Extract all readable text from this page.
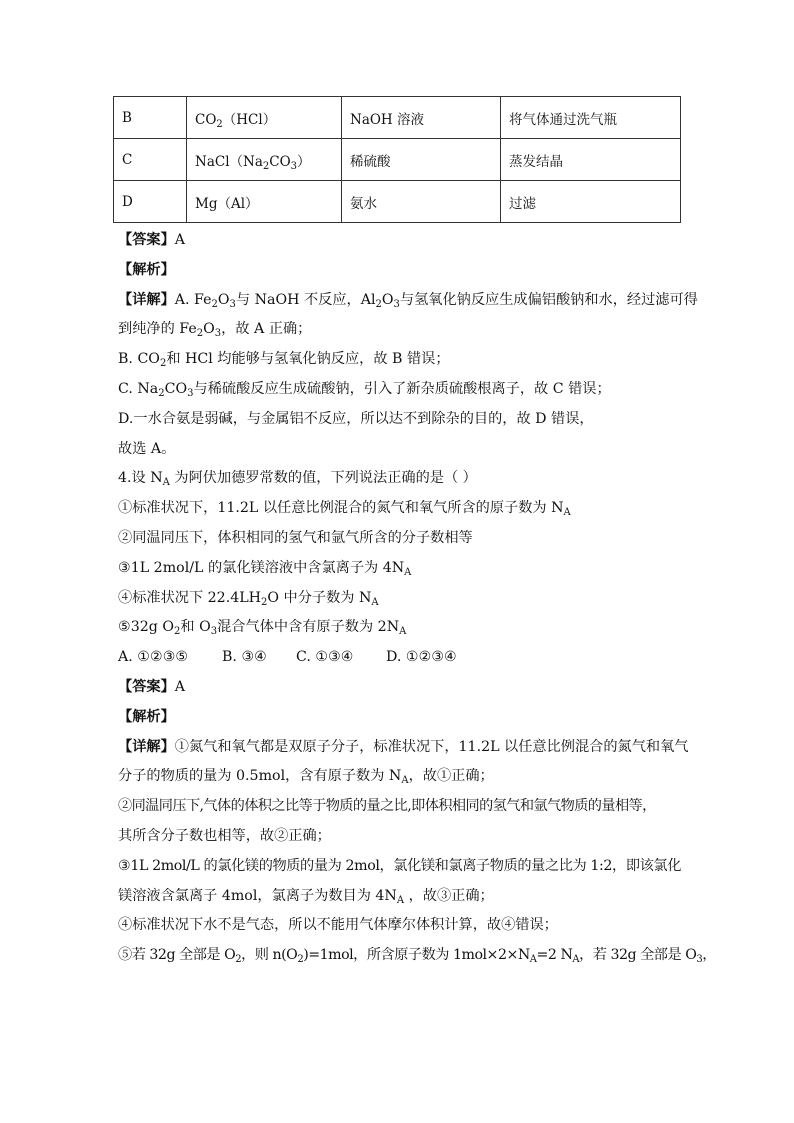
B	$CO_2(HCl)$	NaOH 溶液	将气体通过洗气瓶
C	$NaCl(Na_2CO_3)$	稀硫酸	蒸发结晶
D	Mg（Al）	氨水	过滤
【答案】A
【解析】
【详解】A. $Fe_2O_3$与 NaOH 不反应，$Al_2O_3$与氢氧化钠反应生成偏铝酸钠和水，经过滤可得
到纯净的 $Fe_2O_3$，故 A 正确；
B. $CO_2$和 HCl 均能够与氢氧化钠反应，故 B 错误；
C. $Na_2CO_3$与稀硫酸反应生成硫酸钠，引入了新杂质硫酸根离子，故 C 错误；
D.一水合氨是弱碱，与金属铝不反应，所以达不到除杂的目的，故 D 错误，
故选 A。
4.设 $N_A$ 为阿伏加德罗常数的值，下列说法正确的是（ ）
①标准状况下，11.2L 以任意比例混合的氮气和氧气所含的原子数为 $N_A$
②同温同压下，体积相同的氢气和氩气所含的分子数相等
③1L 2mol/L 的氯化镁溶液中含氯离子为 $4N_A$
④标准状况下 $22.4LH_2O$ 中分子数为 $N_A$
⑤32g $O_2$和 $O_3$混合气体中含有原子数为 $2N_A$
A. ①②③⑤ B. ③④ C. ①③④ D. ①②③④
【答案】A
【解析】
【详解】①氮气和氧气都是双原子分子，标准状况下，11.2L 以任意比例混合的氮气和氧气
分子的物质的量为 0.5mol，含有原子数为 $N_A$，故①正确；
②同温同压下,气体的体积之比等于物质的量之比,即体积相同的氢气和氩气物质的量相等，
其所含分子数也相等，故②正确；
③1L 2mol/L 的氯化镁的物质的量为 2mol，氯化镁和氯离子物质的量之比为 1:2，即该氯化
镁溶液含氯离子 4mol，氯离子为数目为 $4N_A$ ，故③正确；
④标准状况下水不是气态，所以不能用气体摩尔体积计算，故④错误；
⑤若 32g 全部是 $O_2$，则 $n(O_2)=1mol$，所含原子数为 $1mol\times 2\times N_A=2$ $N_A$，若 32g 全部是 $O_3$，
